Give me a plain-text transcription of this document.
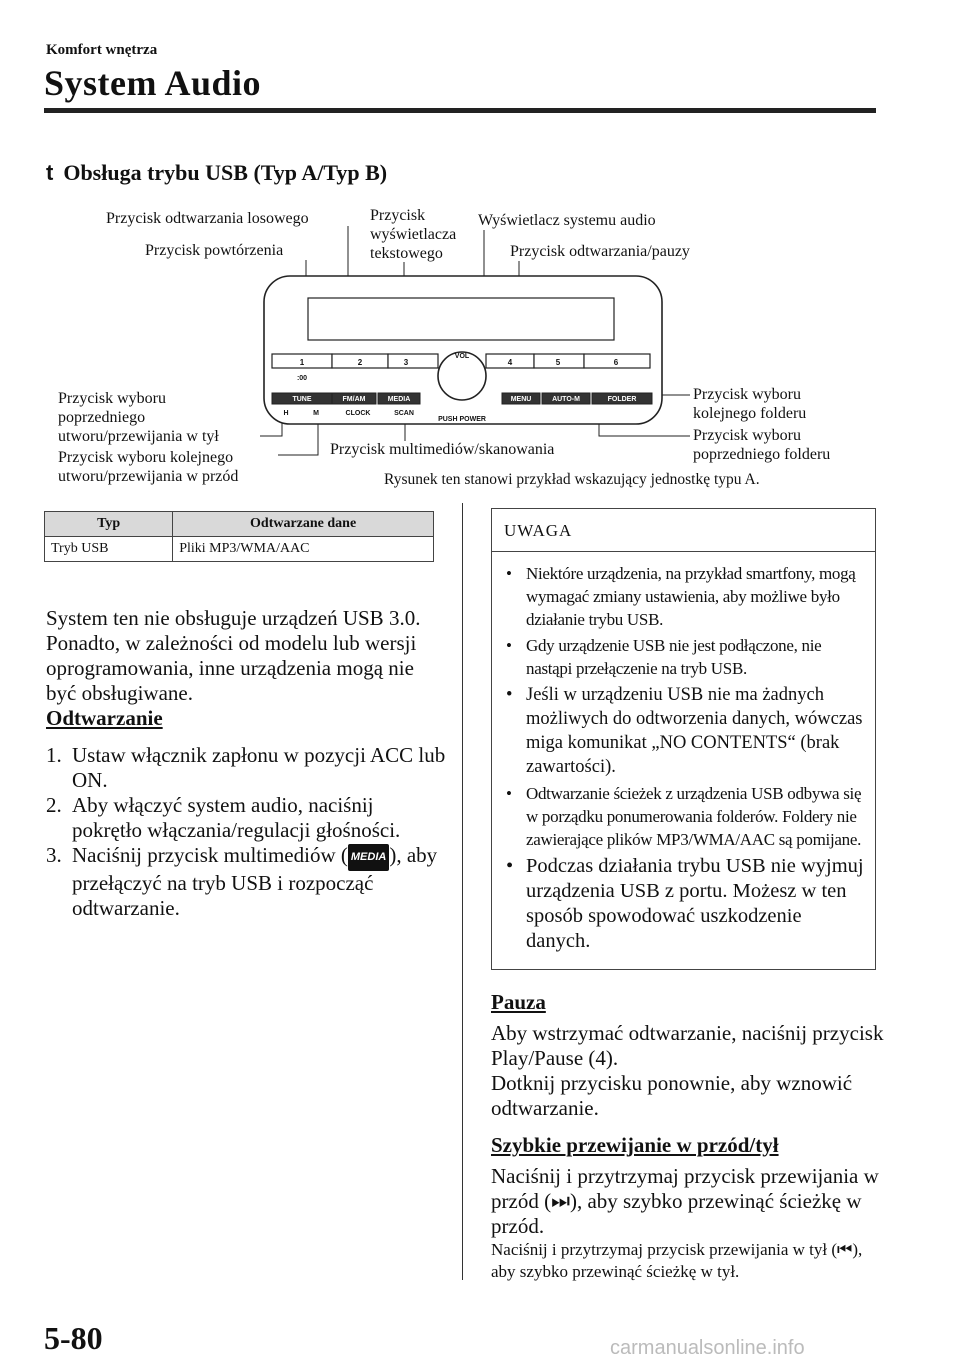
Komfort wnętrza
System Audio
t Obsługa trybu USB (Typ A/Typ B)
Przycisk odtwarzania losowego
Przycisk powtórzenia
Przycisk
wyświetlacza
tekstowego
Wyświetlacz systemu audio
Przycisk odtwarzania/pauzy
Przycisk wyboru
poprzedniego
utworu/przewijania w tył
Przycisk wyboru kolejnego
utworu/przewijania w przód
Przycisk multimediów/skanowania
Przycisk wyboru
kolejnego folderu
Przycisk wyboru
poprzedniego folderu
Rysunek ten stanowi przykład wskazujący jednostkę typu A.
1	2	3	4	5	6
VOL
PUSH POWER
:00
H	M	CLOCK	SCAN
TUNE	FM/AM	MEDIA	MENU	AUTO-M	FOLDER
Typ	Odtwarzane dane
Tryb USB	Pliki MP3/WMA/AAC
System ten nie obsługuje urządzeń USB 3.0. Ponadto, w zależności od modelu lub wersji oprogramowania, inne urządzenia mogą nie być obsługiwane.
Odtwarzanie

1. Ustaw włącznik zapłonu w pozycji ACC lub ON.

2. Aby włączyć system audio, naciśnij pokrętło włączania/regulacji głośności.

3. Naciśnij przycisk multimediów ( MEDIA ), aby przełączyć na tryb USB i rozpocząć odtwarzanie.

UWAGA
• Niektóre urządzenia, na przykład smartfony, mogą wymagać zmiany ustawienia, aby możliwe było działanie trybu USB.
• Gdy urządzenie USB nie jest podłączone, nie nastąpi przełączenie na tryb USB.
• Jeśli w urządzeniu USB nie ma żadnych możliwych do odtworzenia danych, wówczas miga komunikat „NO CONTENTS“ (brak zawartości).
• Odtwarzanie ścieżek z urządzenia USB odbywa się w porządku ponumerowania folderów. Foldery nie zawierające plików MP3/WMA/AAC są pomijane.
• Podczas działania trybu USB nie wyjmuj urządzenia USB z portu. Możesz w ten sposób spowodować uszkodzenie danych.
Pauza
Aby wstrzymać odtwarzanie, naciśnij przycisk Play/Pause (4).
Dotknij przycisku ponownie, aby wznowić odtwarzanie.
Szybkie przewijanie w przód/tył
Naciśnij i przytrzymaj przycisk przewijania w przód (⏭), aby szybko przewinąć ścieżkę w przód.
Naciśnij i przytrzymaj przycisk przewijania w tył (⏮), aby szybko przewinąć ścieżkę w tył.
5-80	carmanualsonline.info
